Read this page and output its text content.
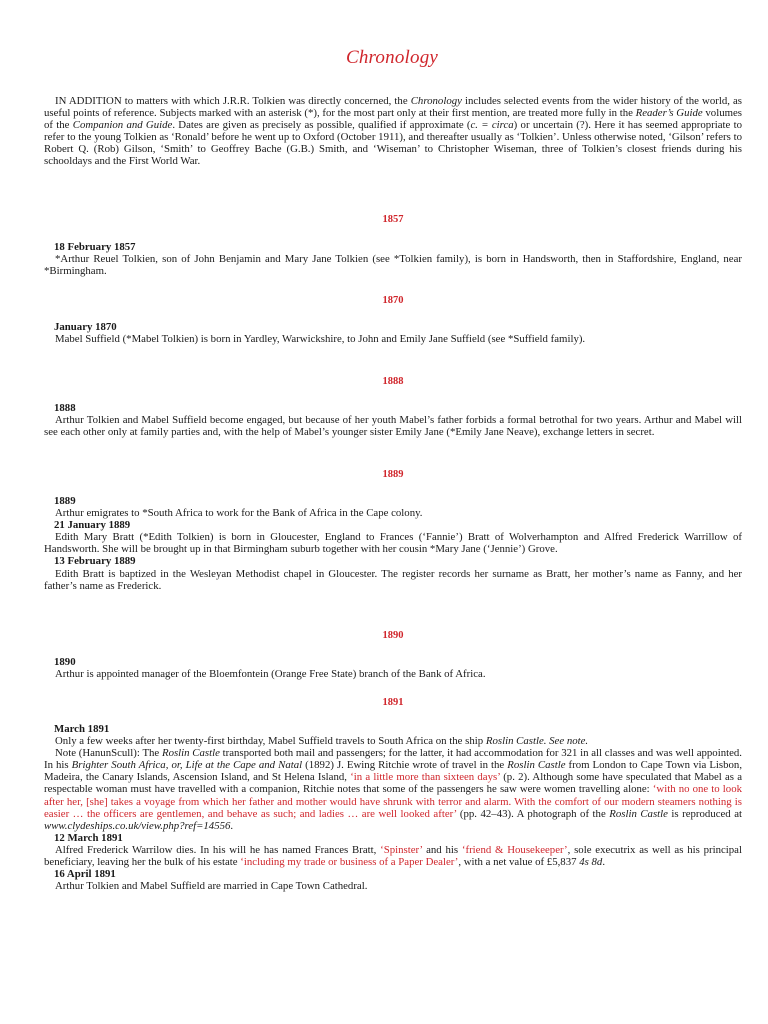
Chronology
IN ADDITION to matters with which J.R.R. Tolkien was directly concerned, the Chronology includes selected events from the wider history of the world, as useful points of reference. Subjects marked with an asterisk (*), for the most part only at their first mention, are treated more fully in the Reader’s Guide volumes of the Companion and Guide. Dates are given as precisely as possible, qualified if approximate (c. = circa) or uncertain (?). Here it has seemed appropriate to refer to the young Tolkien as ‘Ronald’ before he went up to Oxford (October 1911), and thereafter usually as ‘Tolkien’. Unless otherwise noted, ‘Gilson’ refers to Robert Q. (Rob) Gilson, ‘Smith’ to Geoffrey Bache (G.B.) Smith, and ‘Wiseman’ to Christopher Wiseman, three of Tolkien’s closest friends during his schooldays and the First World War.
1857
18 February 1857
*Arthur Reuel Tolkien, son of John Benjamin and Mary Jane Tolkien (see *Tolkien family), is born in Handsworth, then in Staffordshire, England, near *Birmingham.
1870
January 1870
Mabel Suffield (*Mabel Tolkien) is born in Yardley, Warwickshire, to John and Emily Jane Suffield (see *Suffield family).
1888
1888
Arthur Tolkien and Mabel Suffield become engaged, but because of her youth Mabel’s father forbids a formal betrothal for two years. Arthur and Mabel will see each other only at family parties and, with the help of Mabel’s younger sister Emily Jane (*Emily Jane Neave), exchange letters in secret.
1889
1889
Arthur emigrates to *South Africa to work for the Bank of Africa in the Cape colony.
21 January 1889
Edith Mary Bratt (*Edith Tolkien) is born in Gloucester, England to Frances (‘Fannie’) Bratt of Wolverhampton and Alfred Frederick Warrillow of Handsworth. She will be brought up in that Birmingham suburb together with her cousin *Mary Jane (‘Jennie’) Grove.
13 February 1889
Edith Bratt is baptized in the Wesleyan Methodist chapel in Gloucester. The register records her surname as Bratt, her mother’s name as Fanny, and her father’s name as Frederick.
1890
1890
Arthur is appointed manager of the Bloemfontein (Orange Free State) branch of the Bank of Africa.
1891
March 1891
Only a few weeks after her twenty-first birthday, Mabel Suffield travels to South Africa on the ship Roslin Castle. See note.
Note (HanunScull): The Roslin Castle transported both mail and passengers; for the latter, it had accommodation for 321 in all classes and was well appointed. In his Brighter South Africa, or, Life at the Cape and Natal (1892) J. Ewing Ritchie wrote of travel in the Roslin Castle from London to Cape Town via Lisbon, Madeira, the Canary Islands, Ascension Island, and St Helena Island, ‘in a little more than sixteen days’ (p. 2). Although some have speculated that Mabel as a respectable woman must have travelled with a companion, Ritchie notes that some of the passengers he saw were women travelling alone: ‘with no one to look after her, [she] takes a voyage from which her father and mother would have shrunk with terror and alarm. With the comfort of our modern steamers nothing is easier … the officers are gentlemen, and behave as such; and ladies … are well looked after’ (pp. 42–43). A photograph of the Roslin Castle is reproduced at www.clydeships.co.uk/view.php?ref=14556.
12 March 1891
Alfred Frederick Warrilow dies. In his will he has named Frances Bratt, ‘Spinster’ and his ‘friend & Housekeeper’, sole executrix as well as his principal beneficiary, leaving her the bulk of his estate ‘including my trade or business of a Paper Dealer’, with a net value of £5,837 4s 8d.
16 April 1891
Arthur Tolkien and Mabel Suffield are married in Cape Town Cathedral.
